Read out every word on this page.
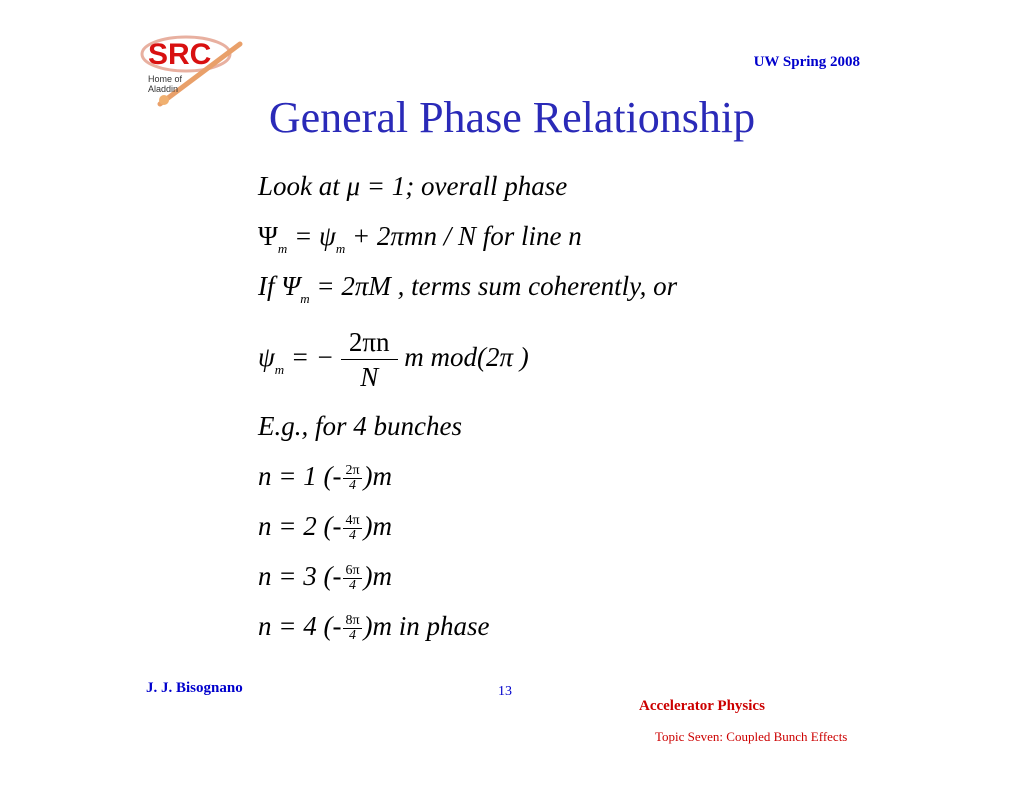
SRC
Home of
Aladdin
UW Spring 2008
General Phase Relationship
Look at μ = 1; overall phase
$\Psi_m = \psi_m + 2\pi mn / N$ for line n
If $\Psi_m = 2\pi M$ , terms sum coherently, or
$\psi_m$ = − $\frac{2\pi n}{N}$ m mod(2π )
E.g., for 4 bunches
n = 1 (- $\frac{2\pi}{4} )m$
n = 2 (- $\frac{4\pi}{4} )m$
n = 3 (- $\frac{6\pi}{4} )m$
n = 4 (- $\frac{8\pi}{4} )m$ in phase
J. J. Bisognano	13
Accelerator Physics
Topic Seven: Coupled Bunch Effects
